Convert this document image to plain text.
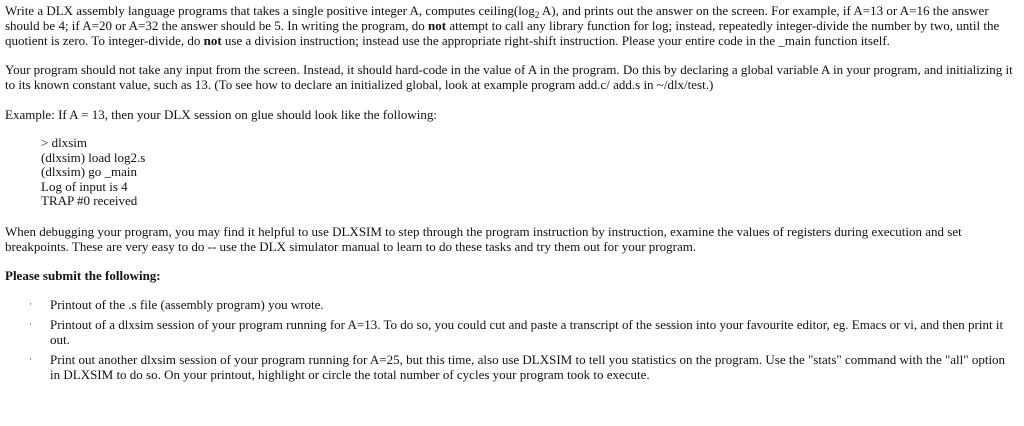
Write a DLX assembly language programs that takes a single positive integer A, computes $ceiling(\log_2$ A), and prints out the answer on the screen. For example, if A=13 or A=16 the answer should be 4; if A=20 or A=32 the answer should be 5. In writing the program, do not attempt to call any library function for log; instead, repeatedly integer-divide the number by two, until the quotient is zero. To integer-divide, do not use a division instruction; instead use the appropriate right-shift instruction. Please your entire code in the _main function itself.

Your program should not take any input from the screen. Instead, it should hard-code in the value of A in the program. Do this by declaring a global variable A in your program, and initializing it to its known constant value, such as 13. (To see how to declare an initialized global, look at example program add.c/ add.s in ~/dlx/test.)

Example: If A = 13, then your DLX session on glue should look like the following:

> dlxsim
(dlxsim) load log2.s
(dlxsim) go _main
Log of input is 4
TRAP #0 received

When debugging your program, you may find it helpful to use DLXSIM to step through the program instruction by instruction, examine the values of registers during execution and set breakpoints. These are very easy to do -- use the DLX simulator manual to learn to do these tasks and try them out for your program.

Please submit the following:

· Printout of the .s file (assembly program) you wrote.
· Printout of a dlxsim session of your program running for A=13. To do so, you could cut and paste a transcript of the session into your favourite editor, eg. Emacs or vi, and then print it out.
· Print out another dlxsim session of your program running for A=25, but this time, also use DLXSIM to tell you statistics on the program. Use the "stats" command with the "all" option in DLXSIM to do so. On your printout, highlight or circle the total number of cycles your program took to execute.
